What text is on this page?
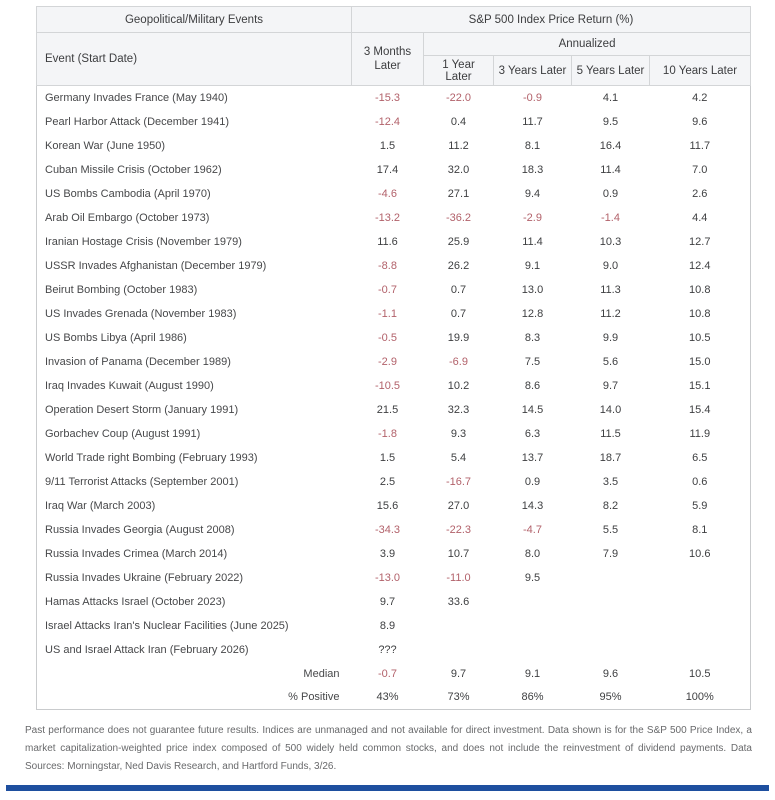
Geopolitical/Military Events	S&P 500 Index Price Return (%)				
Event (Start Date)	3 Months Later	Annualized			
		1 Year Later	3 Years Later	5 Years Later	10 Years Later
Germany Invades France (May 1940)	-15.3	-22.0	-0.9	4.1	4.2
Pearl Harbor Attack (December 1941)	-12.4	0.4	11.7	9.5	9.6
Korean War (June 1950)	1.5	11.2	8.1	16.4	11.7
Cuban Missile Crisis (October 1962)	17.4	32.0	18.3	11.4	7.0
US Bombs Cambodia (April 1970)	-4.6	27.1	9.4	0.9	2.6
Arab Oil Embargo (October 1973)	-13.2	-36.2	-2.9	-1.4	4.4
Iranian Hostage Crisis (November 1979)	11.6	25.9	11.4	10.3	12.7
USSR Invades Afghanistan (December 1979)	-8.8	26.2	9.1	9.0	12.4
Beirut Bombing (October 1983)	-0.7	0.7	13.0	11.3	10.8
US Invades Grenada (November 1983)	-1.1	0.7	12.8	11.2	10.8
US Bombs Libya (April 1986)	-0.5	19.9	8.3	9.9	10.5
Invasion of Panama (December 1989)	-2.9	-6.9	7.5	5.6	15.0
Iraq Invades Kuwait (August 1990)	-10.5	10.2	8.6	9.7	15.1
Operation Desert Storm (January 1991)	21.5	32.3	14.5	14.0	15.4
Gorbachev Coup (August 1991)	-1.8	9.3	6.3	11.5	11.9
World Trade right Bombing (February 1993)	1.5	5.4	13.7	18.7	6.5
9/11 Terrorist Attacks (September 2001)	2.5	-16.7	0.9	3.5	0.6
Iraq War (March 2003)	15.6	27.0	14.3	8.2	5.9
Russia Invades Georgia (August 2008)	-34.3	-22.3	-4.7	5.5	8.1
Russia Invades Crimea (March 2014)	3.9	10.7	8.0	7.9	10.6
Russia Invades Ukraine (February 2022)	-13.0	-11.0	9.5		
Hamas Attacks Israel (October 2023)	9.7	33.6			
Israel Attacks Iran's Nuclear Facilities (June 2025)	8.9				
US and Israel Attack Iran (February 2026)	???				
Median	-0.7	9.7	9.1	9.6	10.5
% Positive	43%	73%	86%	95%	100%
Past performance does not guarantee future results. Indices are unmanaged and not available for direct investment. Data shown is for the S&P 500 Price Index, a market capitalization-weighted price index composed of 500 widely held common stocks, and does not include the reinvestment of dividend payments. Data Sources: Morningstar, Ned Davis Research, and Hartford Funds, 3/26.
